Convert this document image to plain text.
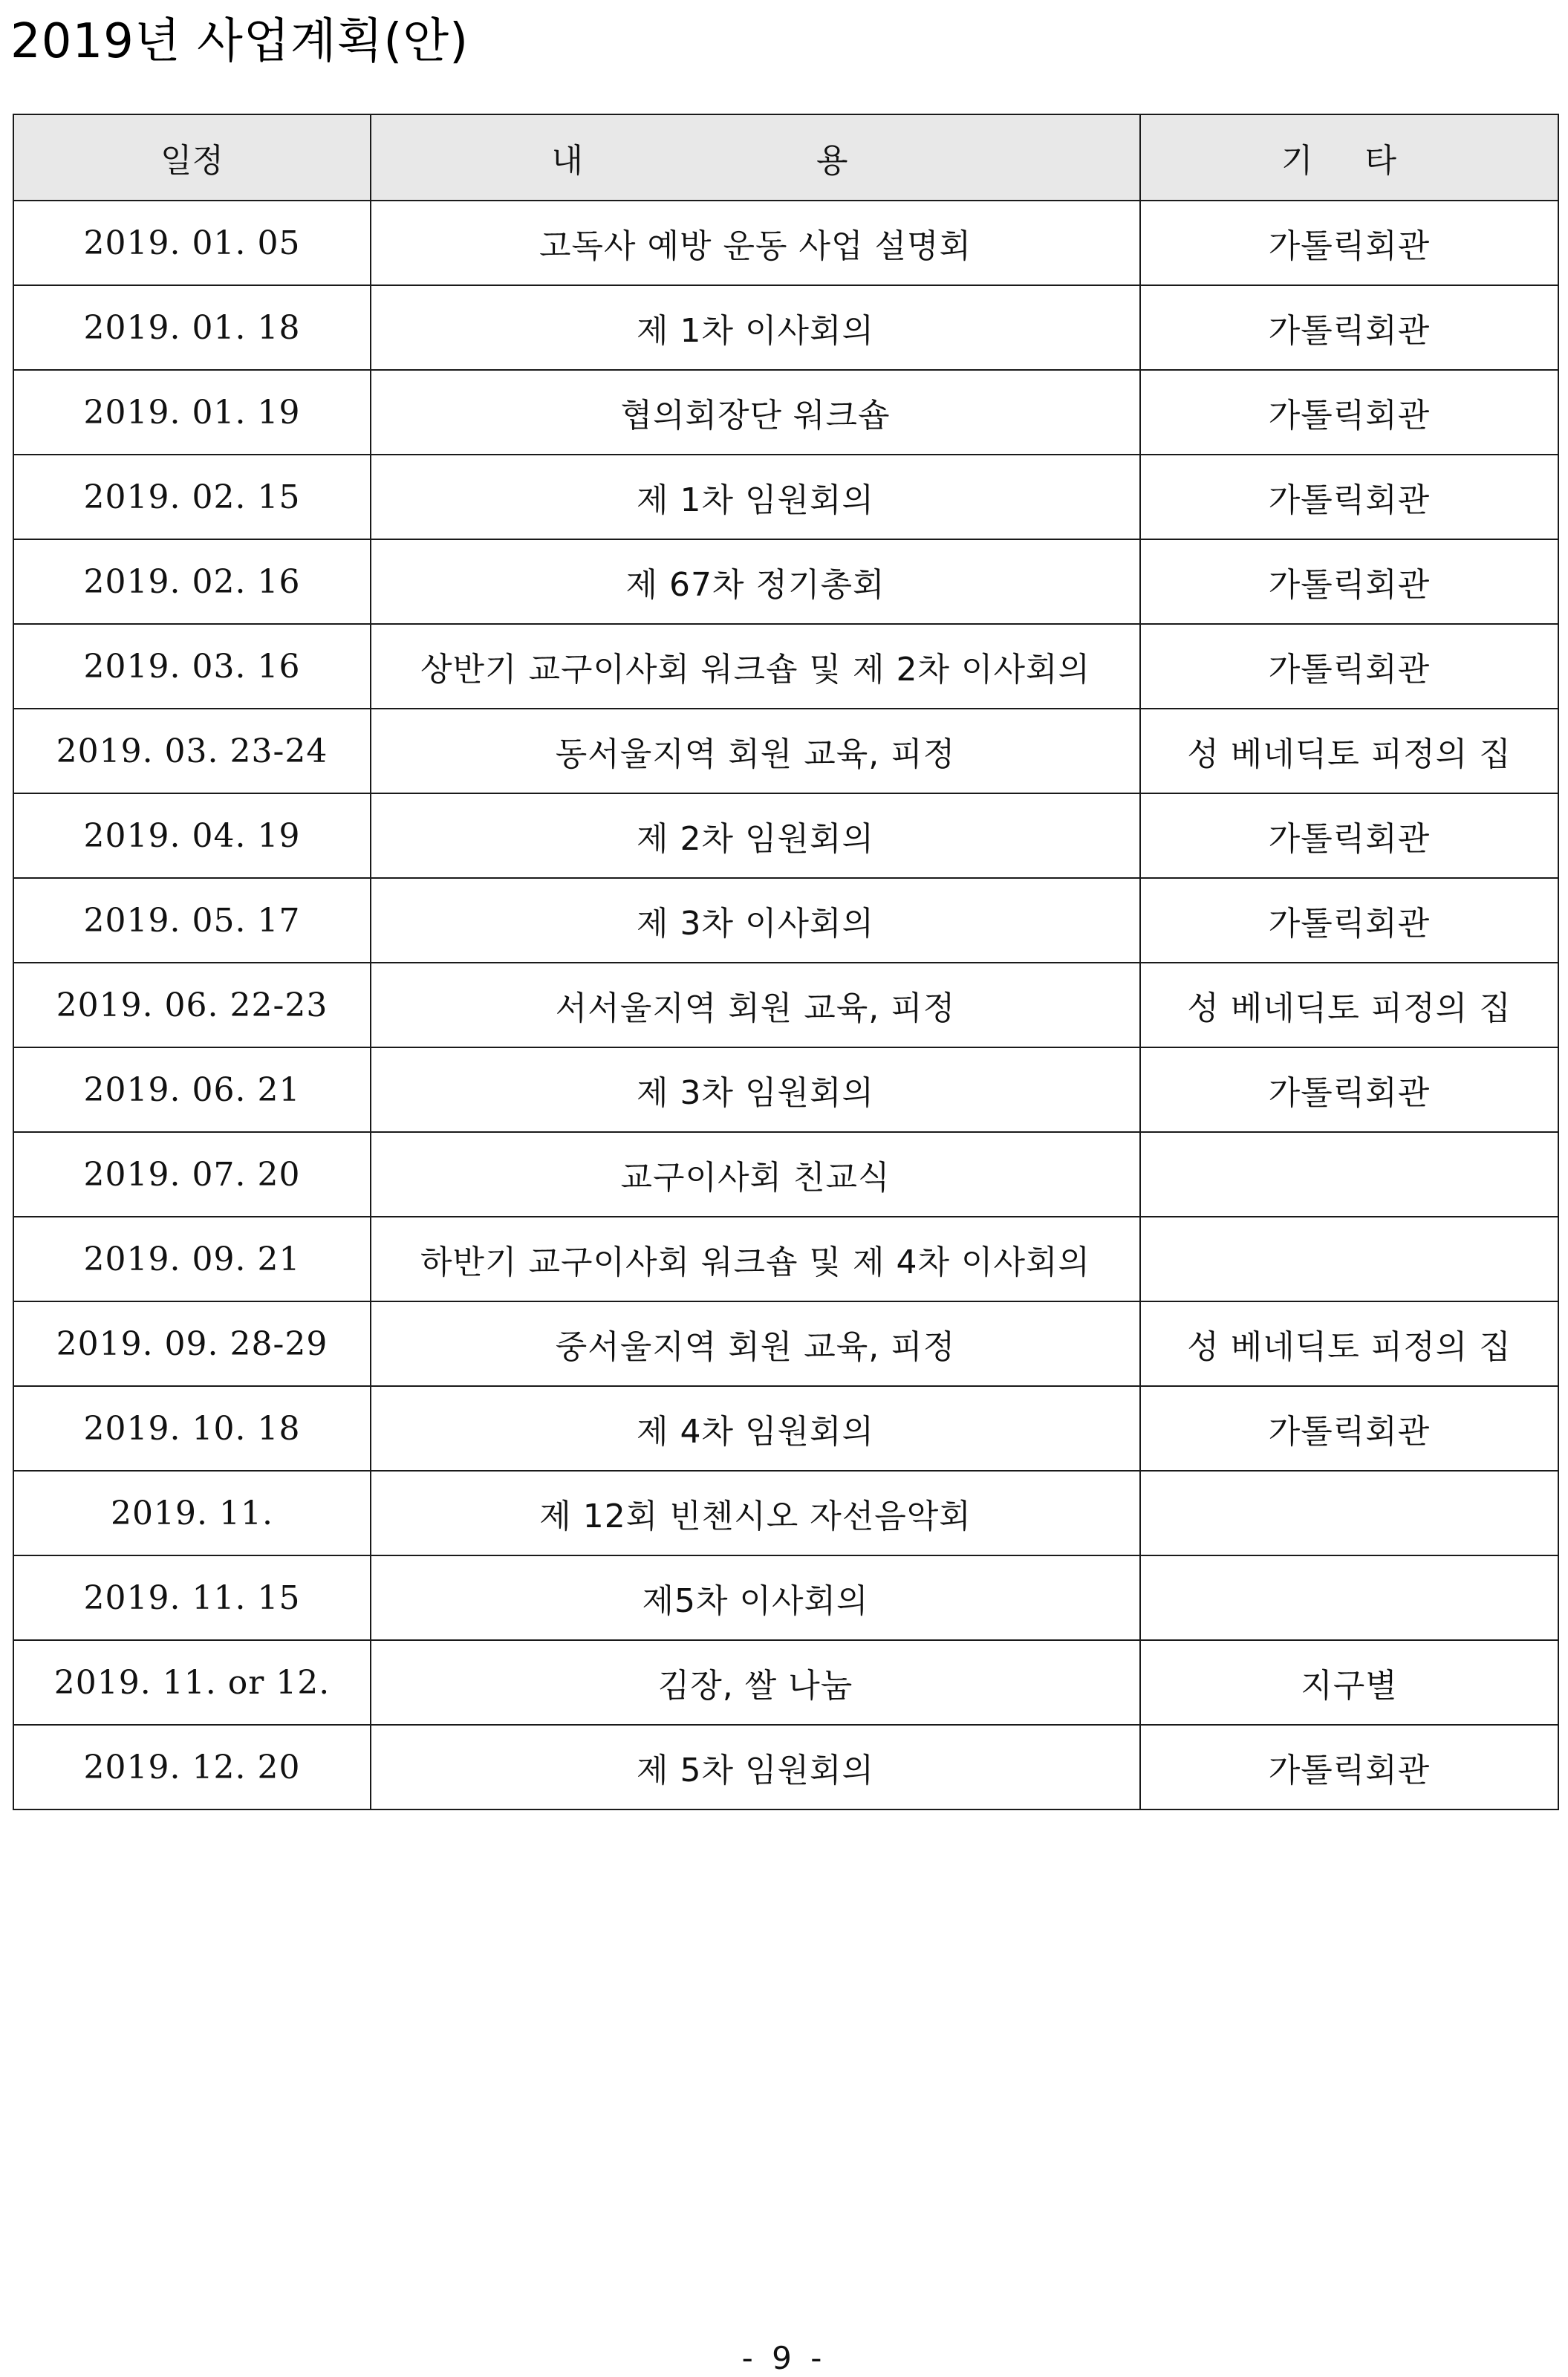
2019년 사업계획(안)
일정	내 용	기 타
2019. 01. 05	고독사 예방 운동 사업 설명회	가톨릭회관
2019. 01. 18	제 1차 이사회의	가톨릭회관
2019. 01. 19	협의회장단 워크숍	가톨릭회관
2019. 02. 15	제 1차 임원회의	가톨릭회관
2019. 02. 16	제 67차 정기총회	가톨릭회관
2019. 03. 16	상반기 교구이사회 워크숍 및 제 2차 이사회의	가톨릭회관
2019. 03. 23-24	동서울지역 회원 교육, 피정	성 베네딕토 피정의 집
2019. 04. 19	제 2차 임원회의	가톨릭회관
2019. 05. 17	제 3차 이사회의	가톨릭회관
2019. 06. 22-23	서서울지역 회원 교육, 피정	성 베네딕토 피정의 집
2019. 06. 21	제 3차 임원회의	가톨릭회관
2019. 07. 20	교구이사회 친교식	
2019. 09. 21	하반기 교구이사회 워크숍 및 제 4차 이사회의	
2019. 09. 28-29	중서울지역 회원 교육, 피정	성 베네딕토 피정의 집
2019. 10. 18	제 4차 임원회의	가톨릭회관
2019. 11.	제 12회 빈첸시오 자선음악회	
2019. 11. 15	제5차 이사회의	
2019. 11. or 12.	김장, 쌀 나눔	지구별
2019. 12. 20	제 5차 임원회의	가톨릭회관
- 9 -
